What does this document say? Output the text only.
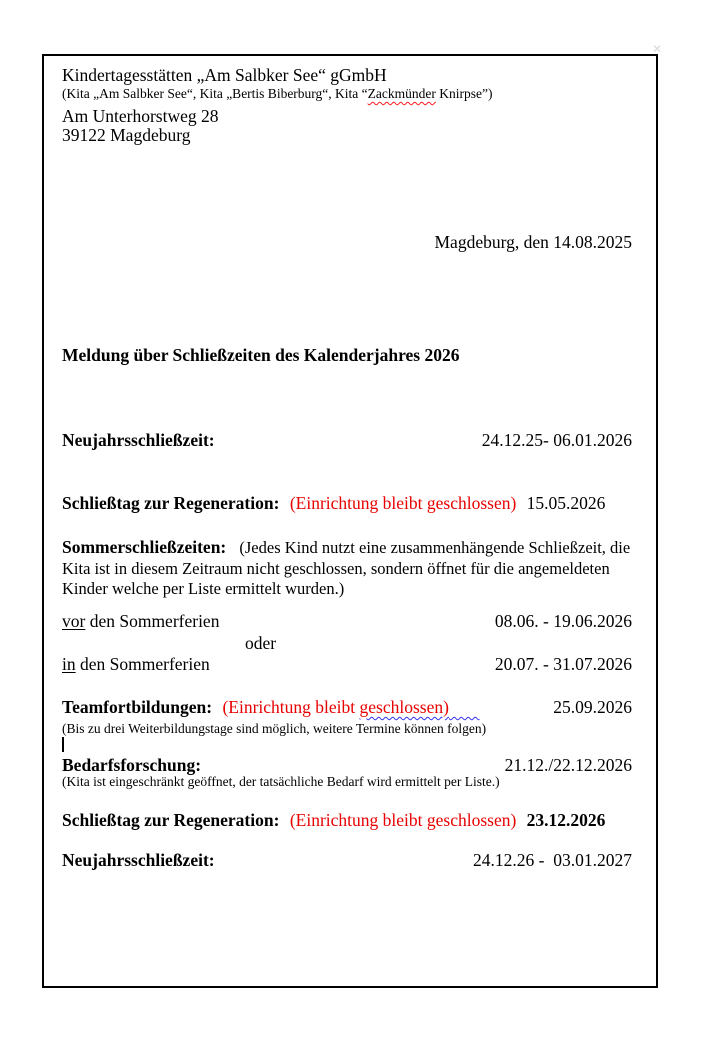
✕
Kindertagesstätten „Am Salbker See“ gGmbH
(Kita „Am Salbker See“, Kita „Bertis Biberburg“, Kita “Zackmünder Knirpse”)
Am Unterhorstweg 28
39122 Magdeburg
Magdeburg, den 14.08.2025
Meldung über Schließzeiten des Kalenderjahres 2026
Neujahrsschließzeit:	24.12.25- 06.01.2026
Schließtag zur Regeneration: (Einrichtung bleibt geschlossen) 15.05.2026
Sommerschließzeiten: (Jedes Kind nutzt eine zusammenhängende Schließzeit, die
Kita ist in diesem Zeitraum nicht geschlossen, sondern öffnet für die angemeldeten
Kinder welche per Liste ermittelt wurden.)
vor den Sommerferien	08.06. - 19.06.2026
oder
in den Sommerferien	20.07. - 31.07.2026
Teamfortbildungen: (Einrichtung bleibt geschlossen)	25.09.2026
(Bis zu drei Weiterbildungstage sind möglich, weitere Termine können folgen)
Bedarfsforschung:	21.12./22.12.2026
(Kita ist eingeschränkt geöffnet, der tatsächliche Bedarf wird ermittelt per Liste.)
Schließtag zur Regeneration: (Einrichtung bleibt geschlossen) 23.12.2026
Neujahrsschließzeit:	24.12.26 -  03.01.2027
